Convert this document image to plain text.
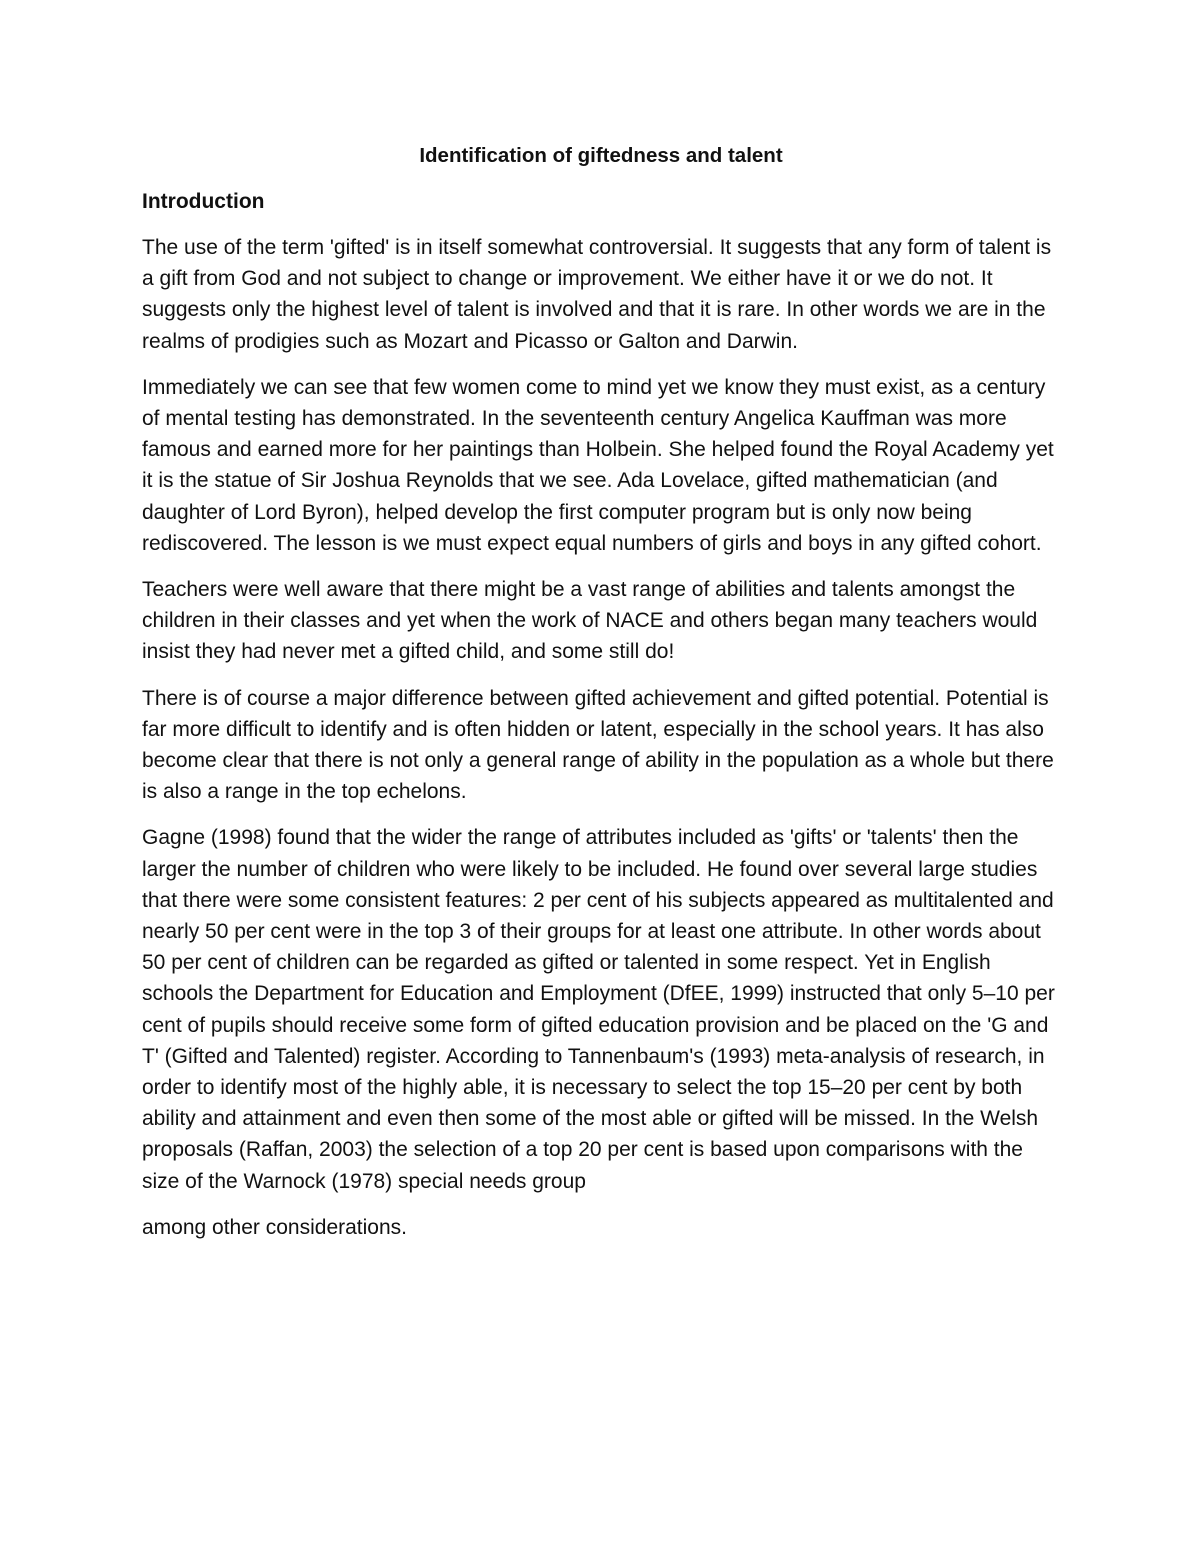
Identification of giftedness and talent
Introduction

The use of the term 'gifted' is in itself somewhat controversial. It suggests that any form of talent is a gift from God and not subject to change or improvement. We either have it or we do not. It suggests only the highest level of talent is involved and that it is rare. In other words we are in the realms of prodigies such as Mozart and Picasso or Galton and Darwin.

Immediately we can see that few women come to mind yet we know they must exist, as a century of mental testing has demonstrated. In the seventeenth century Angelica Kauffman was more famous and earned more for her paintings than Holbein. She helped found the Royal Academy yet it is the statue of Sir Joshua Reynolds that we see. Ada Lovelace, gifted mathematician (and daughter of Lord Byron), helped develop the first computer program but is only now being rediscovered. The lesson is we must expect equal numbers of girls and boys in any gifted cohort.

Teachers were well aware that there might be a vast range of abilities and talents amongst the children in their classes and yet when the work of NACE and others began many teachers would insist they had never met a gifted child, and some still do!

There is of course a major difference between gifted achievement and gifted potential. Potential is far more difficult to identify and is often hidden or latent, especially in the school years. It has also become clear that there is not only a general range of ability in the population as a whole but there is also a range in the top echelons.

Gagne (1998) found that the wider the range of attributes included as 'gifts' or 'talents' then the larger the number of children who were likely to be included. He found over several large studies that there were some consistent features: 2 per cent of his subjects appeared as multitalented and nearly 50 per cent were in the top 3 of their groups for at least one attribute. In other words about 50 per cent of children can be regarded as gifted or talented in some respect. Yet in English schools the Department for Education and Employment (DfEE, 1999) instructed that only 5–10 per cent of pupils should receive some form of gifted education provision and be placed on the 'G and T' (Gifted and Talented) register. According to Tannenbaum's (1993) meta-analysis of research, in order to identify most of the highly able, it is necessary to select the top 15–20 per cent by both ability and attainment and even then some of the most able or gifted will be missed. In the Welsh proposals (Raffan, 2003) the selection of a top 20 per cent is based upon comparisons with the size of the Warnock (1978) special needs group

among other considerations.
